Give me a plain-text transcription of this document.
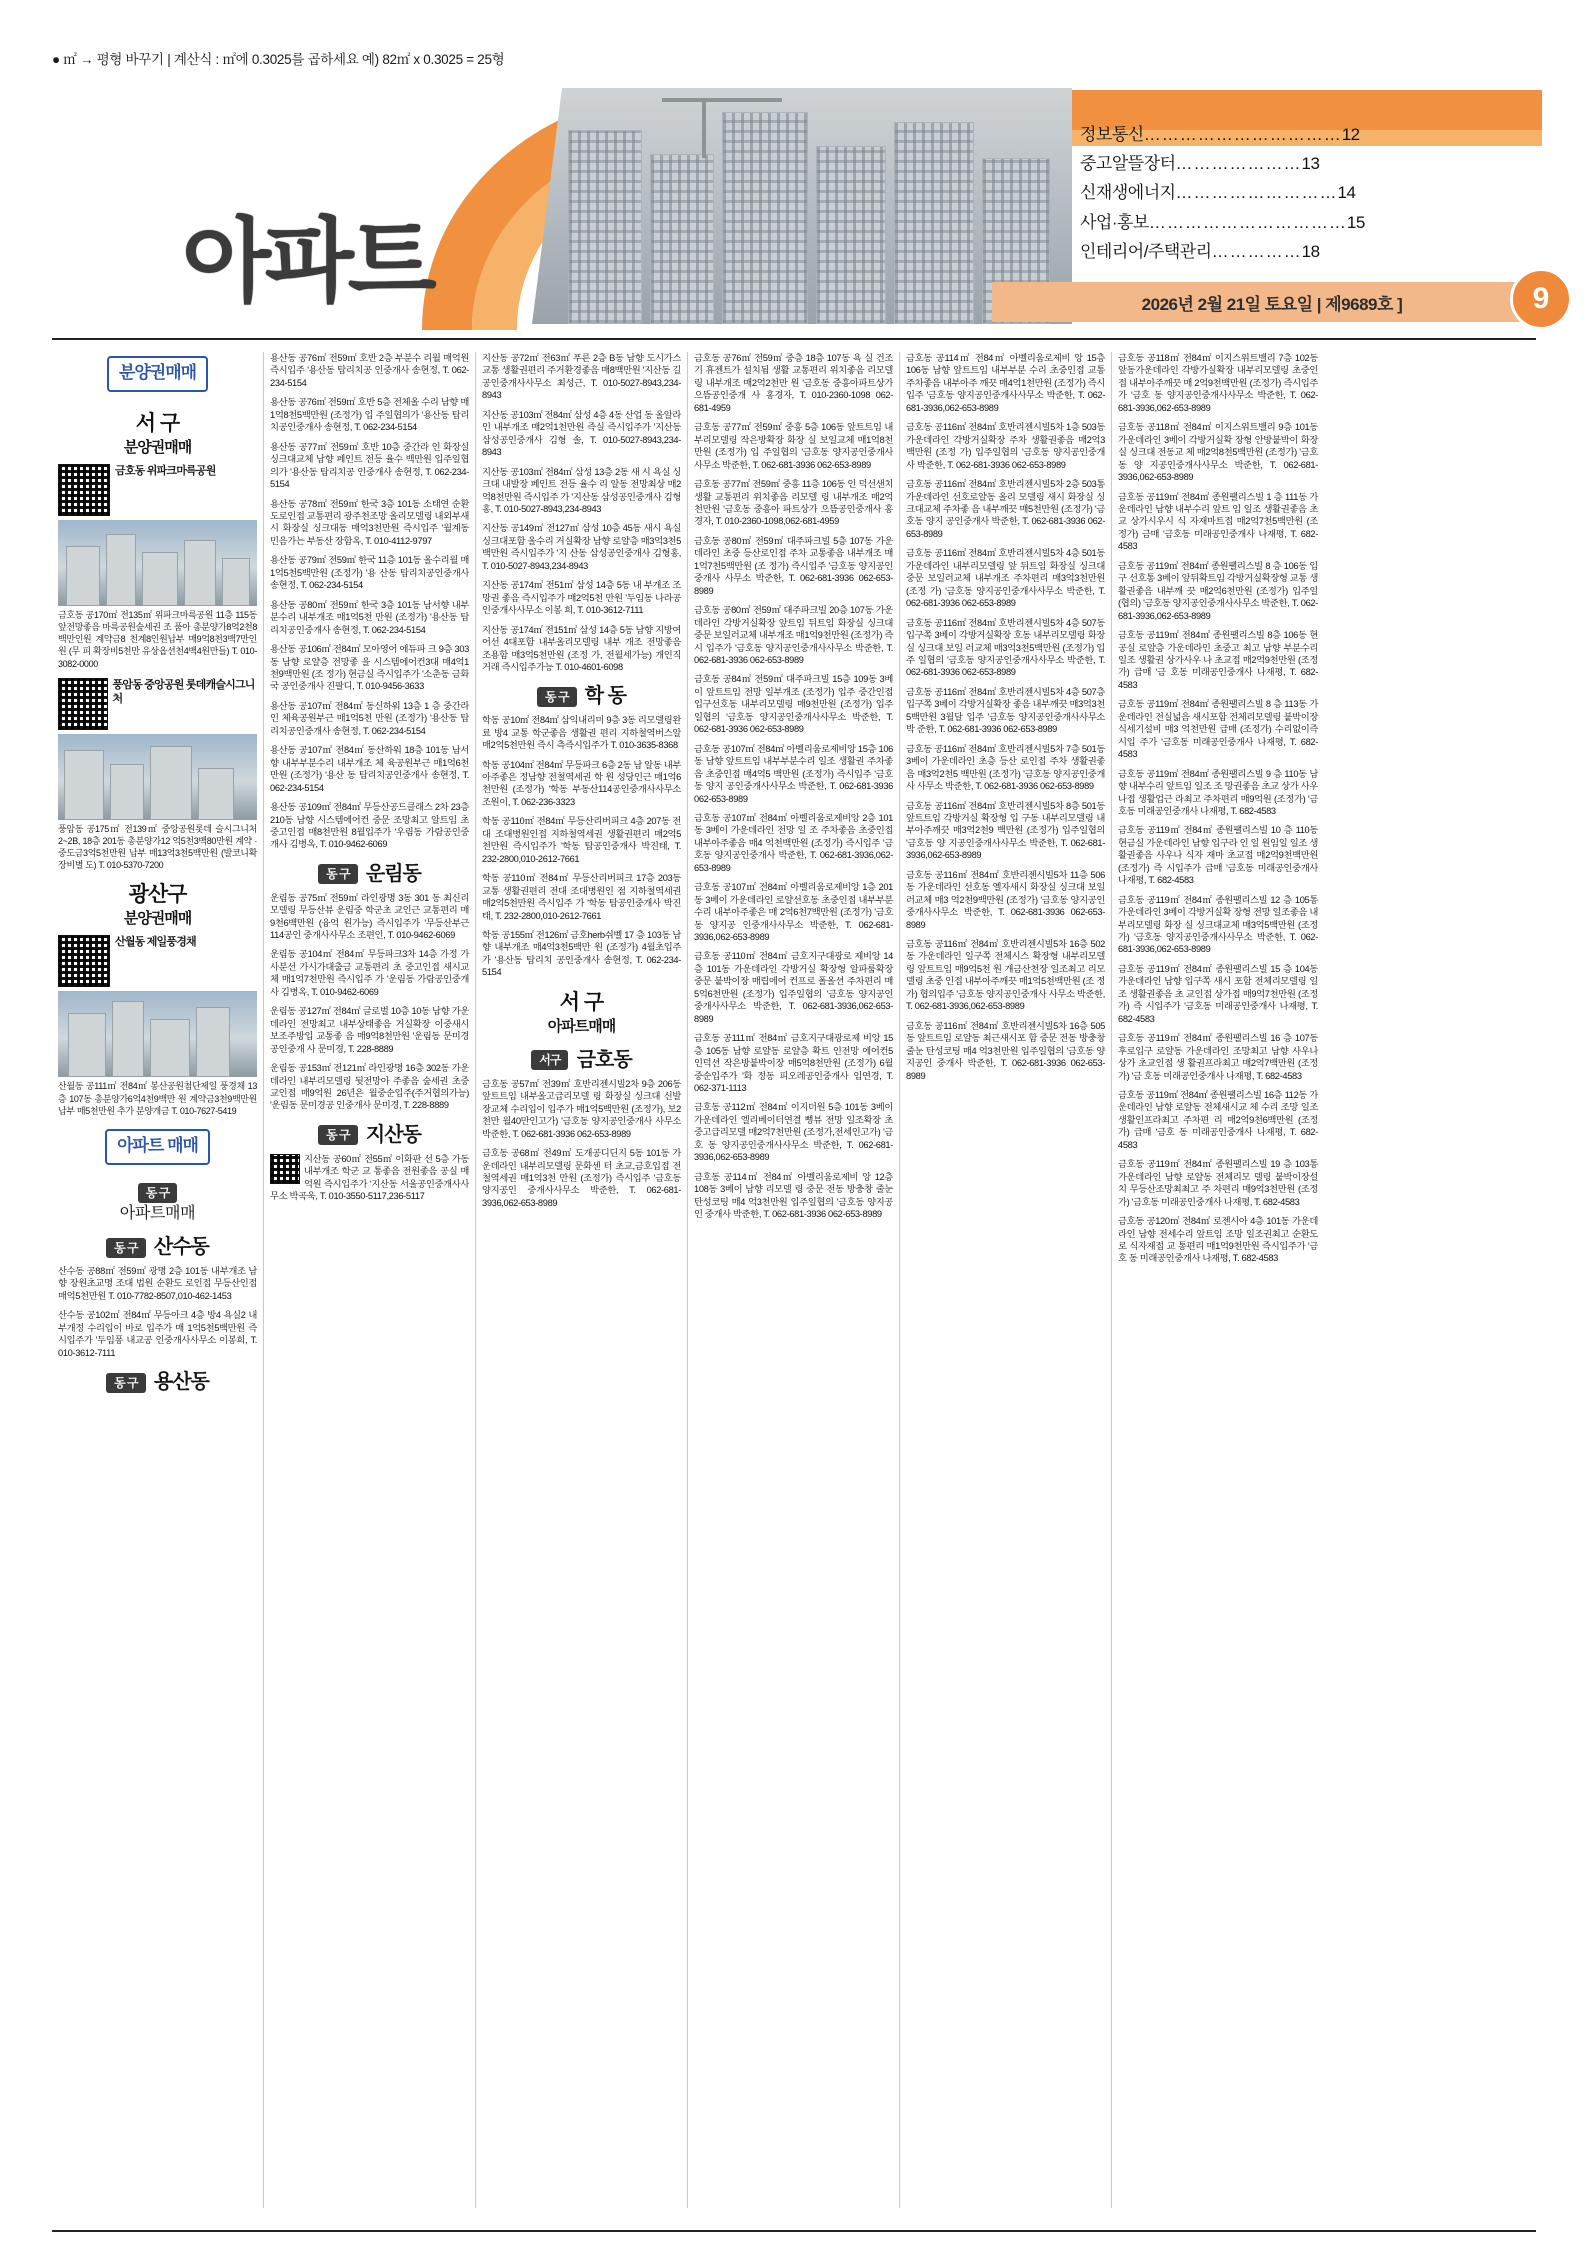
● ㎡ → 평형 바꾸기 | 계산식 : ㎡에 0.3025를 곱하세요 예) 82㎡ x 0.3025 = 25형
아파트
정보통신……………………………12
중고알뜰장터…………………13
신재생에너지………………………14
사업·홍보……………………………15
인테리어/주택관리……………18
2026년 2월 21일 토요일 | 제9689호 ]	9
분양권매매
서 구
분양권매매
금호동 위파크마륵공원
금호동 공170㎡ 전135㎡ 위파크마륵공원 11층 115동 앞전망좋음 마륵공원숲세권 조 품아 총분양가8억2천8백만인원 계약금8 천계8인원납부 매9억8천3백7만인원 (무 피 확장비5천만 유상옵션천4백4원만들) T. 010-3082-0000
풍암동 중앙공원 롯데캐슬시그니처
풍암동 공175㎡ 전139㎡ 중앙공원롯데 슬시그니처2~2B, 18층 201동 총분양가12 억5천3백80만원 계약 · 중도금3억5천만원 납부 매13억3천5백만원 (발코니확장비별 도) T. 010-5370-7200
광산구
분양권매매
산월동 제일풍경채
산월동 공111㎡ 전84㎡ 봉산공원첨단제일 풍경채 13층 107동 총분양가6억4천9백만 원 계약금3천9백만원납부 매5천만원 추가 분양개금 T. 010-7627-5419
아파트 매매
동 구
아파트매매
동 구 산수동

산수동 공88㎡ 전59㎡ 광명 2층 101동 내부개조 남향 장원초교명 조대 법원 순환도 로인접 무등산인접 매억5천만원 T. 010-7782-8507,010-462-1453

산수동 공102㎡ 전84㎡ 무등아크 4층 방4 욕실2 내부개정 수리입이 바로 입주가 매 1억5천5백만원 즉시입주가 '두임퐁 내교공 인중개사사무소 이봉희, T. 010-3612-7111

동 구 용산동

용산동 공76㎡ 전59㎡ 호반 2층 부분수 리월 매억원 즉시입주 '용산동 탑리치공 인중개사 송현정, T. 062-234-5154

용산동 공76㎡ 전59㎡ 호반 5층 전체올 수리 남향 매1억8천5백만원 (조정가) 입 주일협의가 '용산동 탑리치공인중개사 송현정, T. 062-234-5154

용산동 공77㎡ 전59㎡ 호반 10층 중간라 인 화장실 싱크대교체 남향 페인트 전등 율수 백만원 입주일협의가 '용산동 탑리치공 인중개사 송현정, T. 062-234-5154

용산동 공78㎡ 전59㎡ 한국 3층 101동 소태연 순환도로인접 교통편리 광주천조망 올리모델링 내외부새시 화장실 싱크대동 매억3천만원 즉시입주 '월계동 민음가는 부동산 장함옥, T. 010-4112-9797

용산동 공79㎡ 전59㎡ 한국 11층 101동 올수리월 매1억5천5백만원 (조정가) '용 산동 탑리치공인중개사 송현정, T. 062-234-5154

용산동 공80㎡ 전59㎡ 한국 3층 101동 남서향 내부분수리 내부개조 매1억5천 만원 (조정가) '용산동 탑리치공인중개사 송현정, T. 062-234-5154

용산동 공106㎡ 전84㎡ 모아영어 에듀파 크 9층 303동 남향 로얄층 전망좋 을 시스템에어컨3대 매4억1천9백만원 (조 정가) 현금실 즉시입주가 '소춘동 금화국 공인중개사 진팔디, T. 010-9456-3633

용산동 공107㎡ 전84㎡ 동신하워 13층 1 층 중간라인 체육공원부근 매1억5천 만원 (조정가) '용산동 탑리치공인중개사 송현정, T. 062-234-5154

용산동 공107㎡ 전84㎡ 동산하워 18층 101동 남서향 내부부분수리 내부개조 체 육공원부근 매1억6천만원 (조정가) '용산 동 탑리치공인중개사 송현정, T. 062-234-5154

용산동 공109㎡ 전84㎡ 무등산공드클래스 2차 23층 210동 남향 시스템에어컨 중문 조망최고 알트임 초중고인접 매8천만원 8월입주가 '우림동 가람공인중개사 김병옥, T. 010-9462-6069

동 구 운림동

운림동 공75㎡ 전59㎡ 라인광명 3동 301 동 최신리모델링 무등산뷰 운림중 학군초 교인근 교통편리 매9천6백만원 (융억 원가능) 즉시입주가 '무등산부근114공인 중개사사무소 조편인, T. 010-9462-6069

운림동 공104㎡ 전84㎡ 무등파크3차 14층 가정 가사분선 가시가대출금 교통편리 초 중고인접 새시교체 매1억7천만원 즉시입주 가 '운림동 가람공인중개사 김병옥, T. 010-9462-6069

운림동 공127㎡ 전84㎡ 글로벌 10층 10동 남향 가운데라인 전망최고 내부상태좋음 거실확장 이중새시 보조주방입 교통좋 음 매9억8천만원 '운림동 문미경공인중개 사 문미경, T. 228-8889

운림동 공153㎡ 전121㎡ 라인광명 16층 302동 가운데라인 내부리모델링 뒷전망아 주좋음 숲세권 초중교인접 매9억원 26년은 월중순입주(주거협의가능) '운림동 문미경공 인중개사 문미경, T. 228-8889

동 구 지산동

지산동 공60㎡ 전55㎡ 이화판 선 5층 가동 내부개조 학군 교 통좋음 전원좋음 공실 매억원 즉시입주가 '지산동 서울공인중개사사무소 박곡욱, T. 010-3550-5117,236-5117

지산동 공72㎡ 전63㎡ 푸른 2층 B동 남향 도시가스 교통 생활권편리 주거환경좋음 매8백만원 '지산동 길공인중개사사무소 최성근, T. 010-5027-8943,234-8943

지산동 공103㎡ 전84㎡ 삼성 4층 4동 산업 동 올알라인 내부개조 매2억1천만원 즉실 즉시입주가 '지산동 삼성공인중개사 김형 솔, T. 010-5027-8943,234-8943

지산동 공103㎡ 전84㎡ 삼성 13층 2동 새 시 욕실 싱크대 내발장 페인트 전등 율수 리 알동 전망최상 매2억8천만원 즉시입주 가 '지산동 삼성공인중개사 김형홍, T. 010-5027-8943,234-8943

지산동 공149㎡ 전127㎡ 삼성 10층 45동 새시 욕실 싱크대포함 올수리 거실확장 남향 로얄층 매3억3천5백만원 즉시입주가 '지 산동 삼성공인중개사 김형홍, T. 010-5027-8943,234-8943

지산동 공174㎡ 전51㎡ 삼성 14층 5동 내 부개조 조망권 좋음 즉시입주가 매2억5천 만원 '두임동 나라공인중개사사무소 이봉 희, T. 010-3612-7111

지산동 공174㎡ 전151㎡ 삼성 14층 5동 남향 지방여어선 4대포함 내부올리모델링 내부 개조 전망좋음 조용함 매3억5천만원 (조정 가, 전월세가능) 개인직거래 즉시입주가능 T. 010-4601-6098

동 구 학 동

학동 공10㎡ 전84㎡ 삼익내리미 9층 3동 리모델링완료 방4 교통 학군좋음 생활권 편리 지하철역버스알 매2억5천만원 즉시 측즉시입주가 T. 010-3635-8368

학동 공104㎡ 전84㎡ 무등파크 6층 2동 남 알동 내부아주좋은 정남향 전철역세권 학 원 성당인근 매1억6천만원 (조정가) '학동 부동산114공인중개사사무소 조원이, T. 062-236-3323

학동 공110㎡ 전84㎡ 무등산리버피크 4층 207동 전대 조대병원인접 지하철역세권 생활권편리 매2억5천만원 즉시입주가 '학동 탑공인중개사 박진태, T. 232-2800,010-2612-7661

학동 공110㎡ 전84㎡ 무등산리버피크 17층 203동 교통 생활권편리 전대 조대병원인 점 지하철역세권 매2억5천만원 즉시입주 가 '학동 탑공인중개사 박진태, T. 232-2800,010-2612-7661

학동 공155㎡ 전126㎡ 금호herb쉬벨 17 층 103동 남향 내부개조 매4억3천5백만 원 (조정가) 4월초입주가 '용산동 탑리치 공인중개사 송현정, T. 062-234-5154

서 구
아파트매매
서구 금호동

금호동 공57㎡ 전39㎡ 호반리젠시빌2차 9층 206동 앞트트임 내부올고급리모델 링 화장실 싱크대 신발장교체 수리입이 입주가 매1억5백만원 (조정가), 보2천만 월40만인고가) '금호동 양지공인중개사 사무소 박준한, T. 062-681-3936 062-653-8989

금호동 공68㎡ 전49㎡ 도개공디딘지 5동 101동 가운데라인 내부리모델링 문화센 터 초교,금호입접 전철역세권 매1억3천 만원 (조정가) 즉시입주 '금호동 양지공인 중개사사무소 박준한, T. 062-681-3936,062-653-8989

금호동 공76㎡ 전59㎡ 중층 18층 107동 욕 실 건조기 휴젠트가 설치됨 생활 교통편리 위치좋음 리모델링 내부개조 매2억2천만 원 '금호동 중흥아파트상가 으뜸공인중개 사 홍경자, T. 010-2360-1098 062-681-4959

금호동 공77㎡ 전59㎡ 중흥 5층 106동 앞트트임 내부리모델링 작은방확장 화장 실 보일교체 매1억8천만원 (조정가) 입 주일협의 '금호동 양지공인중개사사무소 박준한, T. 062-681-3936 062-653-8989

금호동 공77㎡ 전59㎡ 중흥 11층 106동 인 덕선샌치 생활 교통편리 위치좋음 리모델 링 내부개조 매2억천만원 '금호동 중흥아 파트상가 으뜸공인중개사 홍경자, T. 010-2360-1098,062-681-4959

금호동 공80㎡ 전59㎡ 대주파크빌 5층 107동 가운데라인 초중 등산로인접 주차 교통좋음 내부개조 매1억7천5백만원 (조 정가) 즉시입주 '금호동 양지공인중개사 사무소 박준한, T. 062-681-3936 062-653-8989

금호동 공80㎡ 전59㎡ 대주파크빌 20층 107동 가운데라인 각방거실확장 앞트임 뒤트임 화장실 싱크대 중문 보일러교체 내부개조 매1억9천만원 (조정가) 즉시 입주가 '금호동 양지공인중개사사무소 박준한, T. 062-681-3936 062-653-8989

금호동 공84㎡ 전59㎡ 대주파크빌 15층 109동 3베이 앞트트임 전망 일부개조 (조정가) 입주 중간인접 입구선호동 내부리모델링 매9천만원 (조정가) 입주 일협의 '금호동 양지공인중개사사무소 박준한, T. 062-681-3936 062-653-8989

금호동 공107㎡ 전84㎡ 아벨리움로제비앙 15층 106동 남향 앞트트임 내부부분수리 일조 생활권 주차좋음 초중인접 매4억5 백만원 (조정가) 즉시입주 '금호동 양지 공인중개사사무소 박준한, T. 062-681-3936 062-653-8989

금호동 공107㎡ 전84㎡ 아벨리움로제비앙 2층 101동 3베이 가운데라인 전망 일 조 주차좋음 초중인접 내부아주좋음 매4 억천백만원 (조정가) 즉시입주 '금호동 양지공인중개사 박준한, T. 062-681-3936,062-653-8989

금호동 공107㎡ 전84㎡ 아벨리움로제비앙 1층 201동 3베이 가운데라인 로얄선호동 초중인접 내부부분수리 내부아주좋은 매 2억6천7백만원 (조정가) '금호동 양지공 인중개사사무소 박준한, T. 062-681-3936,062-653-8989

금호동 공110㎡ 전84㎡ 금호지구대광로 제비앙 14층 101동 가운데라인 각방거실 확장형 알파룸확장 중문 붙박이장 매립에어 컨프로 폴올션 주차편리 매5억6천만원 (조정가) 입주일협의 '금호동 양지공인 중개사사무소 박준한, T. 062-681-3936,062-653-8989

금호동 공111㎡ 전84㎡ 금호지구대광로제 비앙 15층 105동 남향 로얄동 로얄층 확트 인전망 에어컨5 인덕션 작은방붙박이장 매5억8천만원 (조정가) 6월중순입주가 '화 정동 피오레공인중개사 임연경, T. 062-371-1113

금호동 공112㎡ 전84㎡ 이지더원 5층 101동 3베이 가운데라인 엘리베이터연결 뻥뷰 전망 일조확장 초중고급리모델 매2억7천만원 (조정가,전세인고가) '금호 동 양지공인중개사사무소 박준한, T. 062-681-3936,062-653-8989

금호동 공114㎡ 전84㎡ 아벨리움로제비 앙 12층 108동 3베이 남향 리모델 링 중문 전동 방충창 줄눈 탄성코팅 매4 억3천만원 입주일협의 '금호동 양지공인 중개사 박준한, T. 062-681-3936 062-653-8989

금호동 공114㎡ 전84㎡ 아벨리움로제비 앙 15층 106동 남향 앞트트임 내부부분 수리 초중인접 교통 주차좋음 내부아주 깨끗 매4억1천만원 (조정가) 즉시입주 '금호동 양지공인중개사사무소 박준한, T. 062-681-3936,062-653-8989

금호동 공116㎡ 전84㎡ 호반리젠시빌5차 1층 503동 가운데라인 각방거실확장 주차 생활권좋음 매2억3백만원 (조정 가) 입주일협의 '금호동 양지공인중개사 박준한, T. 062-681-3936 062-653-8989

금호동 공116㎡ 전84㎡ 호반리젠시빌5차 2층 503통 가운데라인 선호로얄동 올리 모델링 새시 화장실 싱크대교체 주차좋 음 내부깨끗 매5천만원 (조정가) '금호동 양지 공인중개사 박준한, T. 062-681-3936 062-653-8989

금호동 공116㎡ 전84㎡ 호반리젠시빌5차 4층 501동 가운데라인 내부리모델링 앞 뒤트임 화장실 싱크대 중문 보일러교체 내부개조 주차편리 매3억3천만원 (조정 가) '금호동 양지공인중개사사무소 박준한, T. 062-681-3936 062-653-8989

금호동 공116㎡ 전84㎡ 호반리젠시빌5차 4층 507동 입구쪽 3베이 각방거실확장 호동 내부리모델링 화장실 싱크대 보일 러교체 매3억3천5백만원 (조정가) 입주 일협의 '금호동 양지공인중개사사무소 박준한, T. 062-681-3936 062-653-8989

금호동 공116㎡ 전84㎡ 호반리젠시빌5차 4층 507층 입구쪽 3베이 각방거실확장 좋음 내부깨끗 매3억3천5백만원 3월달 입주 '금호동 양지공인중개사사무소 박 준한, T. 062-681-3936 062-653-8989

금호동 공116㎡ 전84㎡ 호반리젠시빌5차 7층 501동 3베이 가운데라인 초층 등산 로인접 주차 생활권좋음 매3억2천5 백만원 (조정가) '금호동 양지공인중개사 사무소 박준한, T. 062-681-3936 062-653-8989

금호동 공116㎡ 전84㎡ 호반리젠시빌5차 8층 501동 앞트트임 각방거실 확장형 입 구동 내부리모델링 내부아주깨끗 매3억2천9 백만원 (조정가) 입주일협의 '금호동 양 지공인중개사사무소 박준한, T. 062-681-3936,062-653-8989

금호동 공116㎡ 전84㎡ 호반리젠시빌5차 11층 506동 가운데라인 선호동 옐자새시 화장실 싱크대 보일러교체 매3 억2천9백만원 (조정가) '금호동 양지공인 중개사사무소 박준한, T. 062-681-3936 062-653-8989

금호동 공116㎡ 전84㎡ 호반리젠시빌5차 16층 502동 가운데라인 일구쪽 전체시스 확장형 내부리모델링 앞트트임 매9억5천 원 개금산천장 일조최고 리모델링 초중 인접 내부아주깨끗 매1억5천백만원 (조 정가) 협의입주 '금호동 양지공인중개사 사무소 박준한, T. 062-681-3936,062-653-8989

금호동 공116㎡ 전84㎡ 호반리젠시빌5차 16층 505동 앞트트임 로얄동 최근새시포 함 중문 전동 방충창 줄눈 탄성코팅 매4 억3천만원 입주일협의 '금호동 양지공인 중개사 박준한, T. 062-681-3936 062-653-8989

금호동 공118㎡ 전84㎡ 이지스위트밸리 7층 102동 앞동가운데라인 각방가실확장 내부리모델링 초중인접 내부아주깨끗 매 2억9천백만원 (조정가) 즉시입주가 '금호 동 양지공인중개사사무소 박준한, T. 062-681-3936,062-653-8989

금호동 공118㎡ 전84㎡ 이지스위트밸리 9층 101동 가운데라인 3베이 각방거실확 장형 안방붙박이 화장실 싱크대 전동교 체 매2억8천5백만원 (조정가) '금호동 양 지공인중개사사무소 박준한, T. 062-681-3936,062-653-8989

금호동 공119㎡ 전84㎡ 종원팰리스빌 1 층 111동 가운데라인 남향 내부수리 앞트 임 일조 생활권좋음 초교 상가시우시 식 자재마트접 매2억7천5백만원 (조정가) 금매 '금호동 미래공인중개사 나재평, T. 682-4583

금호동 공119㎡ 전84㎡ 종원팰리스빌 8 층 106동 입구 선호통 3베이 앞뒤확트임 각방거실확장형 교통 생활권좋음 내부깨 끗 매2억6천만원 (조정가) 입주일(협의) '금호동 양지공인중개사사무소 박준한, T. 062-681-3936,062-653-8989

금호동 공119㎡ 전84㎡ 종원팰리스빌 8층 106동 현 공실 로얄층 가운데라인 초중고 최고 남향 부분수리 일조 생활권 상가사우 나 초교접 매2억9천만원 (조정가) 급매 '금 호동 미래공인중개사 나재평, T. 682-4583

금호동 공119㎡ 전84㎡ 종원팰리스빌 8 층 113동 가운데라인 전실넓음 새시포함 전체리모델링 붙박이장 식세기설비 매3 억천만원 급매 (조정가) 수리없이즉시입 주가 '금호동 미래공인중개사 나재평, T. 682-4583

금호동 공119㎡ 전84㎡ 종원팰리스빌 9 층 110동 남향 내부수리 앞트임 일조 조 망권좋음 초교 상가 사우나접 생활업근 라최고 주차편리 매9억원 (조정가) '금 호동 미래공인중개사 나재평, T. 682-4583

금호동 공119㎡ 전84㎡ 종원팰리스빌 10 층 110동 현금실 가운데라인 남향 입구라 인 일 원임일 일조 생활권좋음 사우나 식자 재마 초교접 매2억9천백만원 (조정가) 즉 시입주가 급매 '금호동 미래공인중개사 나재평, T. 682-4583

금호동 공119㎡ 전84㎡ 종원팰리스빌 12 층 105통 가운데라인 3베이 각방거실확 장형 전망 일조좋음 내부리모델링 화장 실 싱크대교체 매3억5백만원 (조정가) '금호동 양지공인중개사사무소 박준한, T. 062-681-3936,062-653-8989

금호동 공119㎡ 전84㎡ 종원팰리스빌 15 층 104동 가운데라인 남향 입구쪽 새시 포함 전체리모델링 일조 생활권좋음 초 교인접 상가접 매9억7천만원 (조정가) 즉 시입주가 '금호동 미래공인중개사 나재평, T. 682-4583

금호동 공119㎡ 전84㎡ 종원팰리스빌 16 층 107동 후로입구 로얄동 가운데라인 조망최고 남향 사우나 상가 초교인접 생 활권프라최고 매2억7백만원 (조정가) '금 호동 미래공인중개사 나재평, T. 682-4583

금호동 공119㎡ 전84㎡ 종원팰리스빌 16층 112동 가운데라인 남향 로얄동 전체새시교 체 수리 조망 일조 생활인프라최고 주차편 리 매2억9천6백만원 (조정가) 급매 '금호 동 미래공인중개사 나재평, T. 682-4583

금호동 공119㎡ 전84㎡ 종원팰리스빌 19 층 103통 가운데라인 남향 로얄동 전체리모 델링 붙박이장설치 무등산조망최최고 주 차편리 매9억3천만원 (조정가) '금호동 미래공인중개사 나재평, T. 682-4583

금호동 공120㎡ 전84㎡ 로젠시아 4층 101동 가운데라인 남향 전세수리 앞트임 조망 일조권최고 순환도로 식자재접 교 통편리 매1억9천만원 즉시입주가 '금호 동 미래공인중개사 나재평, T. 682-4583
